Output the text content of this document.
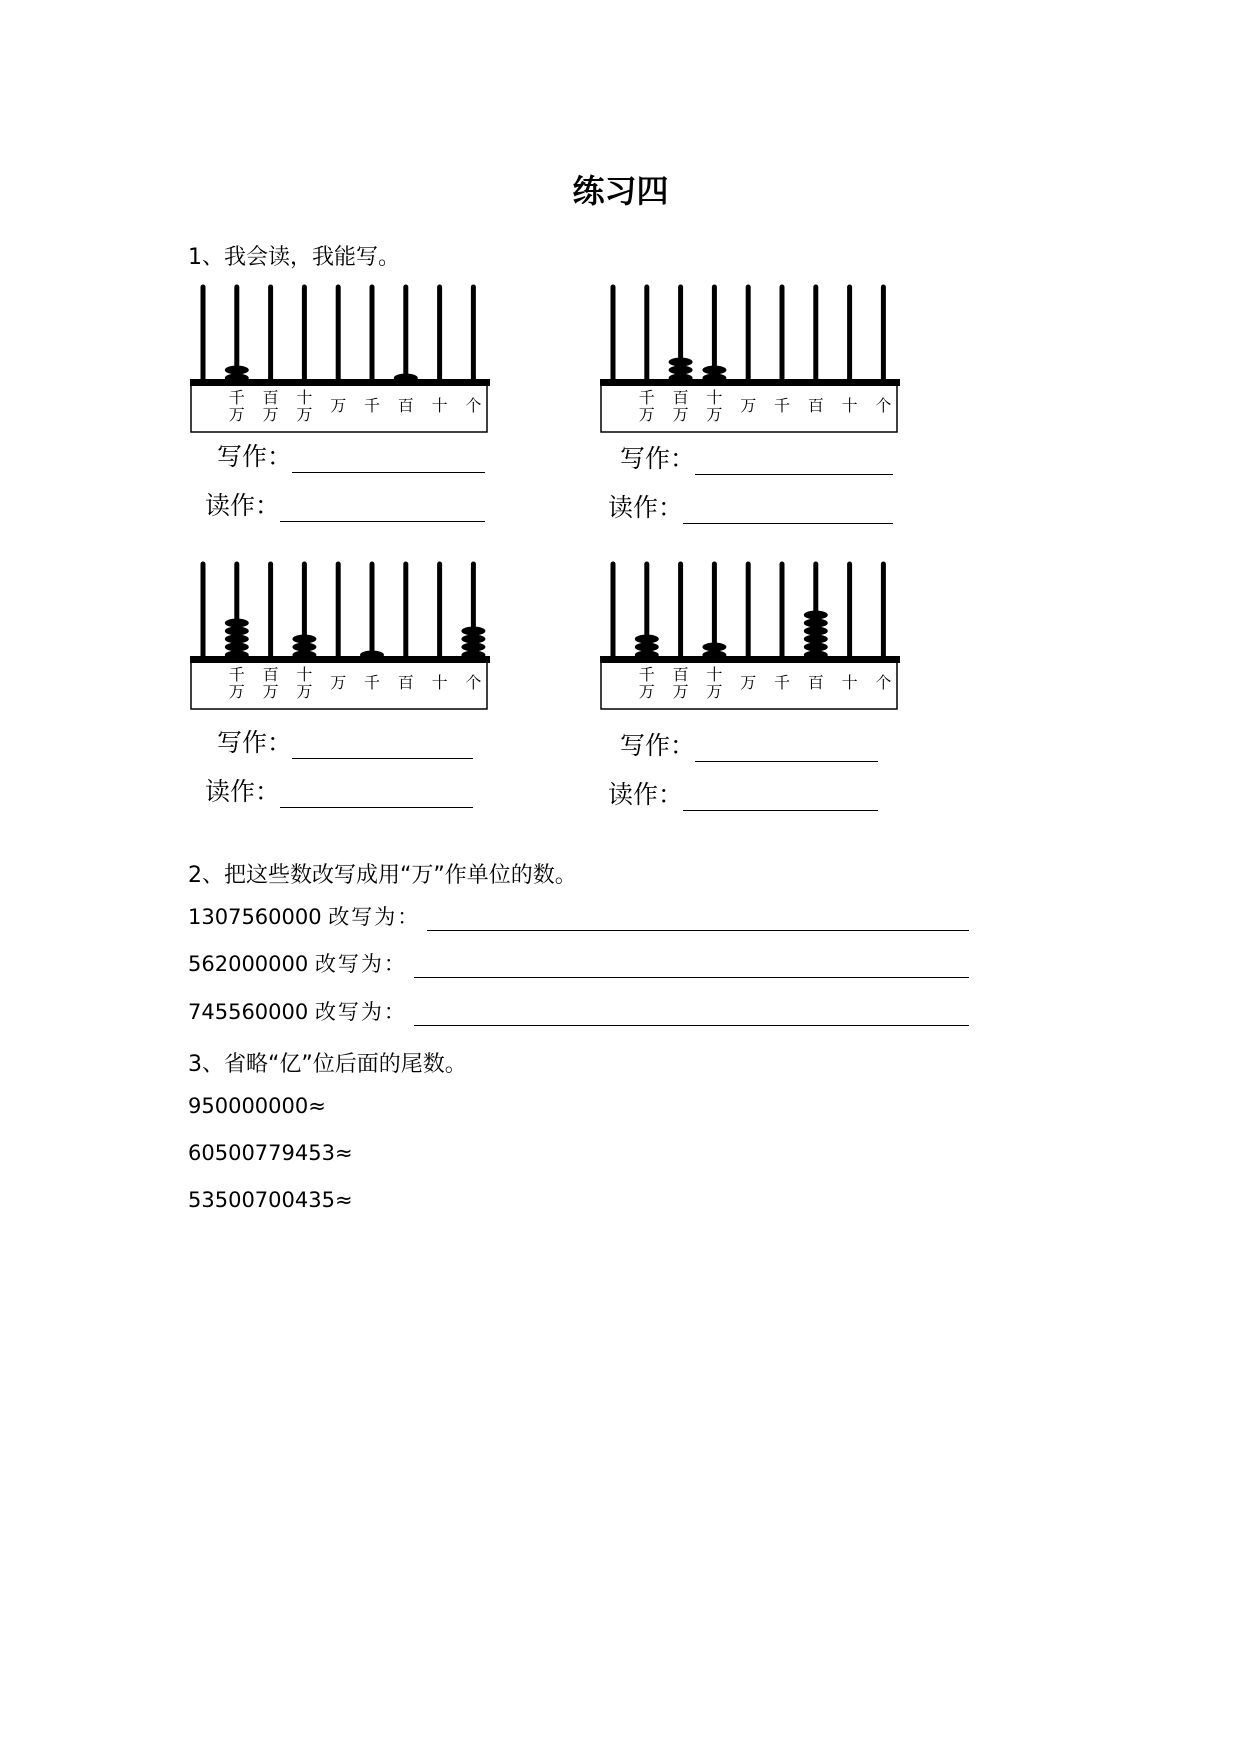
练习四
1、我会读，我能写。
2、把这些数改写成用“万”作单位的数。
3、省略“亿”位后面的尾数。
千
万
百
万
十
万 万 千 百 十 个
写作：
读作：
千
万
百
万
十
万 万 千 百 十 个
写作：
读作：
千
万
百
万
十
万 万 千 百 十 个
写作：
读作：
千
万
百
万
十
万 万 千 百 十 个
写作：
读作：
1307560000 改写为：
562000000 改写为：
745560000 改写为：
950000000≈
60500779453≈
53500700435≈
